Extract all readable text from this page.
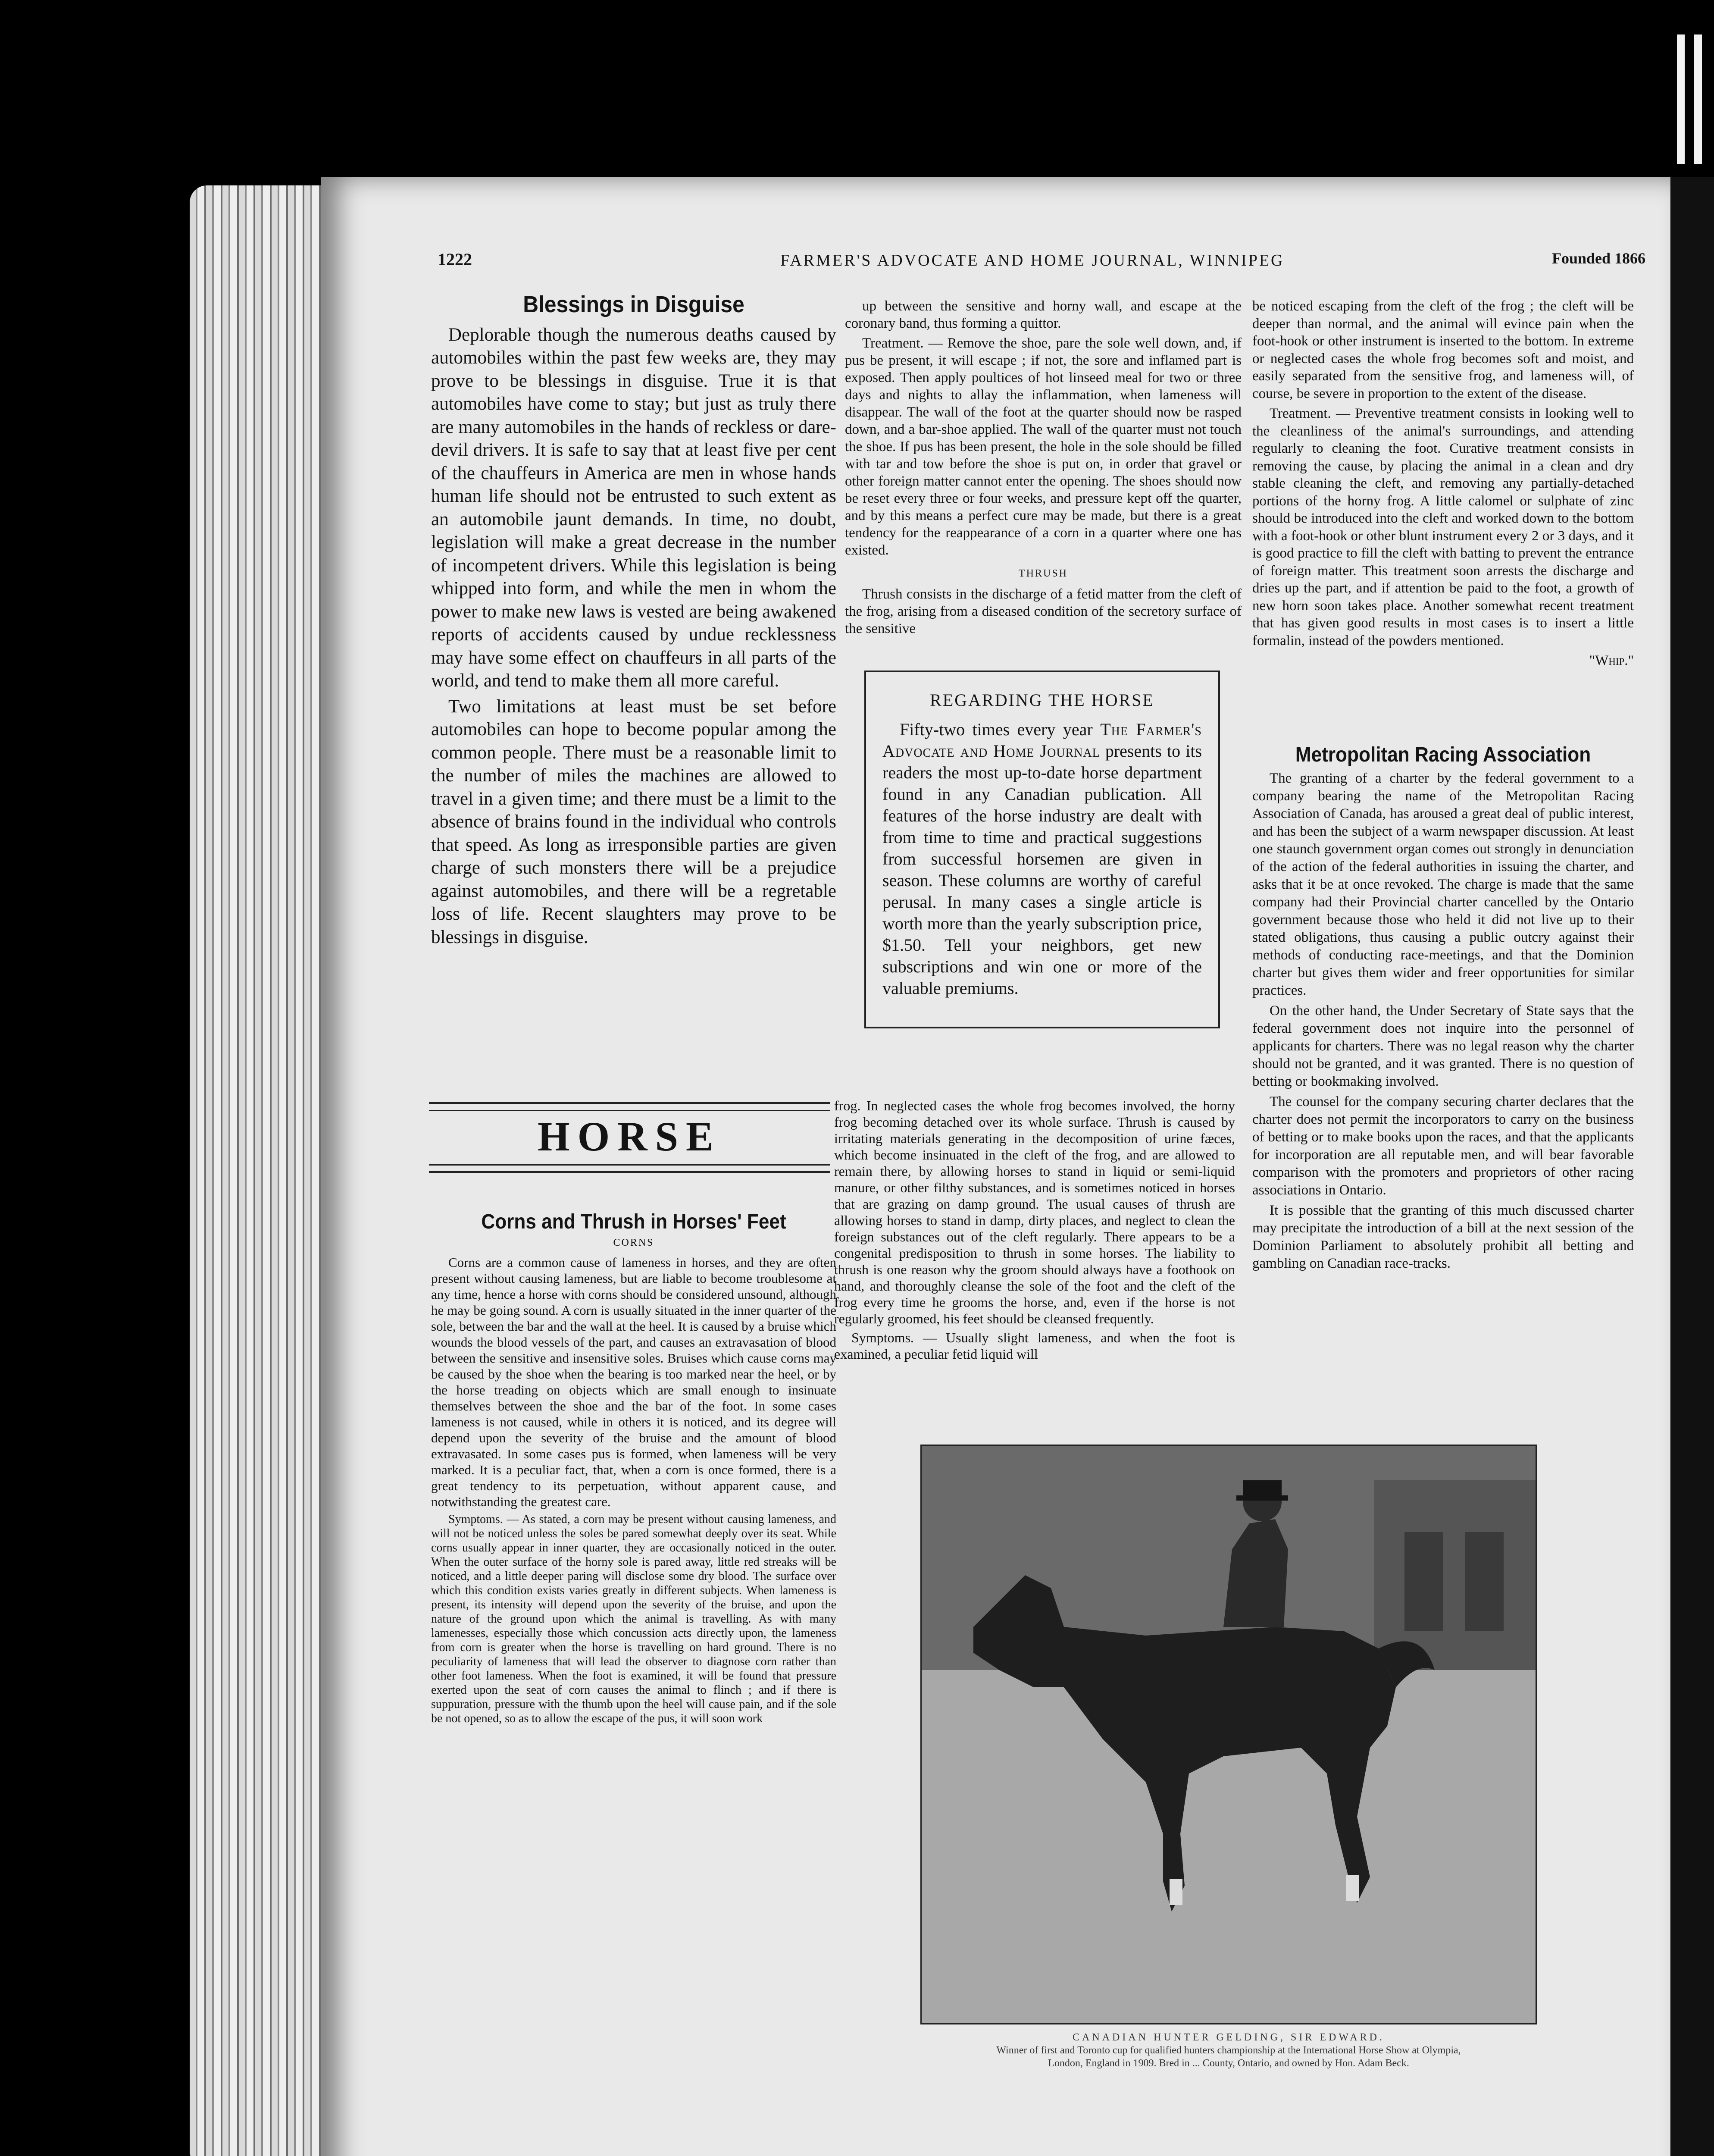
1222	FARMER'S ADVOCATE AND HOME JOURNAL, WINNIPEG	Founded 1866
Blessings in Disguise

Deplorable though the numerous deaths caused by automobiles within the past few weeks are, they may prove to be blessings in disguise. True it is that automobiles have come to stay; but just as truly there are many automobiles in the hands of reckless or dare-devil drivers. It is safe to say that at least five per cent of the chauffeurs in America are men in whose hands human life should not be entrusted to such extent as an automobile jaunt demands. In time, no doubt, legislation will make a great decrease in the number of incompetent drivers. While this legislation is being whipped into form, and while the men in whom the power to make new laws is vested are being awakened reports of accidents caused by undue recklessness may have some effect on chauffeurs in all parts of the world, and tend to make them all more careful.

Two limitations at least must be set before automobiles can hope to become popular among the common people. There must be a reasonable limit to the number of miles the machines are allowed to travel in a given time; and there must be a limit to the absence of brains found in the individual who controls that speed. As long as irresponsible parties are given charge of such monsters there will be a prejudice against automobiles, and there will be a regretable loss of life. Recent slaughters may prove to be blessings in disguise.

HORSE
Corns and Thrush in Horses' Feet
CORNS

Corns are a common cause of lameness in horses, and they are often present without causing lameness, but are liable to become troublesome at any time, hence a horse with corns should be considered unsound, although he may be going sound. A corn is usually situated in the inner quarter of the sole, between the bar and the wall at the heel. It is caused by a bruise which wounds the blood vessels of the part, and causes an extravasation of blood between the sensitive and insensitive soles. Bruises which cause corns may be caused by the shoe when the bearing is too marked near the heel, or by the horse treading on objects which are small enough to insinuate themselves between the shoe and the bar of the foot. In some cases lameness is not caused, while in others it is noticed, and its degree will depend upon the severity of the bruise and the amount of blood extravasated. In some cases pus is formed, when lameness will be very marked. It is a peculiar fact, that, when a corn is once formed, there is a great tendency to its perpetuation, without apparent cause, and notwithstanding the greatest care.

Symptoms. — As stated, a corn may be present without causing lameness, and will not be noticed unless the soles be pared somewhat deeply over its seat. While corns usually appear in inner quarter, they are occasionally noticed in the outer. When the outer surface of the horny sole is pared away, little red streaks will be noticed, and a little deeper paring will disclose some dry blood. The surface over which this condition exists varies greatly in different subjects. When lameness is present, its intensity will depend upon the severity of the bruise, and upon the nature of the ground upon which the animal is travelling. As with many lamenesses, especially those which concussion acts directly upon, the lameness from corn is greater when the horse is travelling on hard ground. There is no peculiarity of lameness that will lead the observer to diagnose corn rather than other foot lameness. When the foot is examined, it will be found that pressure exerted upon the seat of corn causes the animal to flinch ; and if there is suppuration, pressure with the thumb upon the heel will cause pain, and if the sole be not opened, so as to allow the escape of the pus, it will soon work

up between the sensitive and horny wall, and escape at the coronary band, thus forming a quittor.

Treatment. — Remove the shoe, pare the sole well down, and, if pus be present, it will escape ; if not, the sore and inflamed part is exposed. Then apply poultices of hot linseed meal for two or three days and nights to allay the inflammation, when lameness will disappear. The wall of the foot at the quarter should now be rasped down, and a bar-shoe applied. The wall of the quarter must not touch the shoe. If pus has been present, the hole in the sole should be filled with tar and tow before the shoe is put on, in order that gravel or other foreign matter cannot enter the opening. The shoes should now be reset every three or four weeks, and pressure kept off the quarter, and by this means a perfect cure may be made, but there is a great tendency for the reappearance of a corn in a quarter where one has existed.

THRUSH

Thrush consists in the discharge of a fetid matter from the cleft of the frog, arising from a diseased condition of the secretory surface of the sensitive

REGARDING THE HORSE
Fifty-two times every year The Farmer's Advocate and Home Journal presents to its readers the most up-to-date horse department found in any Canadian publication. All features of the horse industry are dealt with from time to time and practical suggestions from successful horsemen are given in season. These columns are worthy of careful perusal. In many cases a single article is worth more than the yearly subscription price, $1.50. Tell your neighbors, get new subscriptions and win one or more of the valuable premiums.

frog. In neglected cases the whole frog becomes involved, the horny frog becoming detached over its whole surface. Thrush is caused by irritating materials generating in the decomposition of urine fæces, which become insinuated in the cleft of the frog, and are allowed to remain there, by allowing horses to stand in liquid or semi-liquid manure, or other filthy substances, and is sometimes noticed in horses that are grazing on damp ground. The usual causes of thrush are allowing horses to stand in damp, dirty places, and neglect to clean the foreign substances out of the cleft regularly. There appears to be a congenital predisposition to thrush in some horses. The liability to thrush is one reason why the groom should always have a foothook on hand, and thoroughly cleanse the sole of the foot and the cleft of the frog every time he grooms the horse, and, even if the horse is not regularly groomed, his feet should be cleansed frequently.

Symptoms. — Usually slight lameness, and when the foot is examined, a peculiar fetid liquid will

be noticed escaping from the cleft of the frog ; the cleft will be deeper than normal, and the animal will evince pain when the foot-hook or other instrument is inserted to the bottom. In extreme or neglected cases the whole frog becomes soft and moist, and easily separated from the sensitive frog, and lameness will, of course, be severe in proportion to the extent of the disease.

Treatment. — Preventive treatment consists in looking well to the cleanliness of the animal's surroundings, and attending regularly to cleaning the foot. Curative treatment consists in removing the cause, by placing the animal in a clean and dry stable cleaning the cleft, and removing any partially-detached portions of the horny frog. A little calomel or sulphate of zinc should be introduced into the cleft and worked down to the bottom with a foot-hook or other blunt instrument every 2 or 3 days, and it is good practice to fill the cleft with batting to prevent the entrance of foreign matter. This treatment soon arrests the discharge and dries up the part, and if attention be paid to the foot, a growth of new horn soon takes place. Another somewhat recent treatment that has given good results in most cases is to insert a little formalin, instead of the powders mentioned.

"Whip."
Metropolitan Racing Association

The granting of a charter by the federal government to a company bearing the name of the Metropolitan Racing Association of Canada, has aroused a great deal of public interest, and has been the subject of a warm newspaper discussion. At least one staunch government organ comes out strongly in denunciation of the action of the federal authorities in issuing the charter, and asks that it be at once revoked. The charge is made that the same company had their Provincial charter cancelled by the Ontario government because those who held it did not live up to their stated obligations, thus causing a public outcry against their methods of conducting race-meetings, and that the Dominion charter but gives them wider and freer opportunities for similar practices.

On the other hand, the Under Secretary of State says that the federal government does not inquire into the personnel of applicants for charters. There was no legal reason why the charter should not be granted, and it was granted. There is no question of betting or bookmaking involved.

The counsel for the company securing charter declares that the charter does not permit the incorporators to carry on the business of betting or to make books upon the races, and that the applicants for incorporation are all reputable men, and will bear favorable comparison with the promoters and proprietors of other racing associations in Ontario.

It is possible that the granting of this much discussed charter may precipitate the introduction of a bill at the next session of the Dominion Parliament to absolutely prohibit all betting and gambling on Canadian race-tracks.

CANADIAN HUNTER GELDING, SIR EDWARD.
Winner of first and Toronto cup for qualified hunters championship at the International Horse Show at Olympia,
London, England in 1909. Bred in ... County, Ontario, and owned by Hon. Adam Beck.
